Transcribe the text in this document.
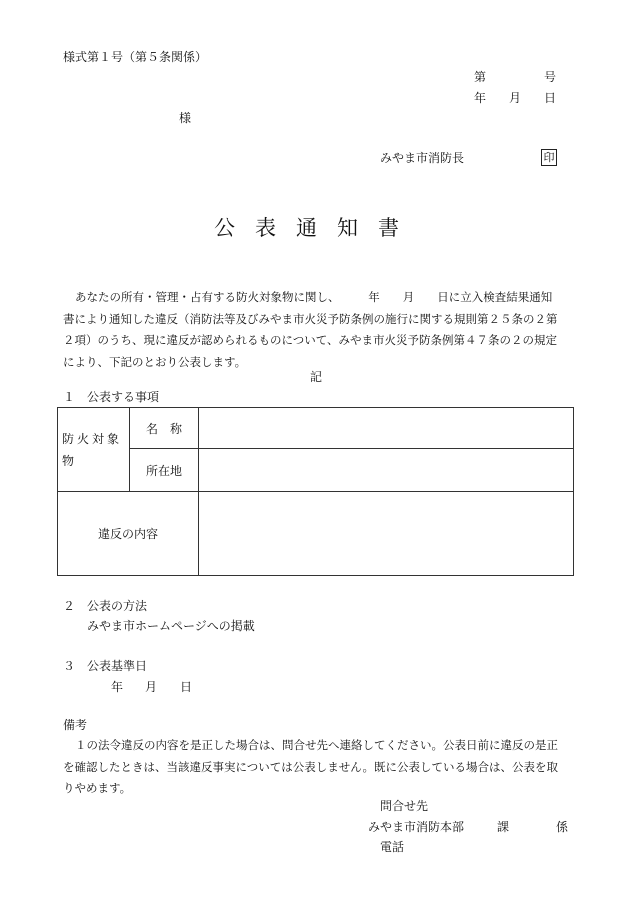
様式第１号（第５条関係）
第	号
年 月 日
様
みやま市消防長	印
公表通知書
あなたの所有・管理・占有する防火対象物に関し、　　　年　　月　　日に立入検査結果通知
書により通知した違反（消防法等及びみやま市火災予防条例の施行に関する規則第２５条の２第
２項）のうち、現に違反が認められるものについて、みやま市火災予防条例第４７条の２の規定
により、下記のとおり公表します。
記
１　公表する事項
防火対象物	名　称	
	所在地	
違反の内容		
２　公表の方法
みやま市ホームページへの掲載
３　公表基準日
年 月 日
備考
１の法令違反の内容を是正した場合は、問合せ先へ連絡してください。公表日前に違反の是正
を確認したときは、当該違反事実については公表しません。既に公表している場合は、公表を取
りやめます。
問合せ先
みやま市消防本部	課	係
電話
